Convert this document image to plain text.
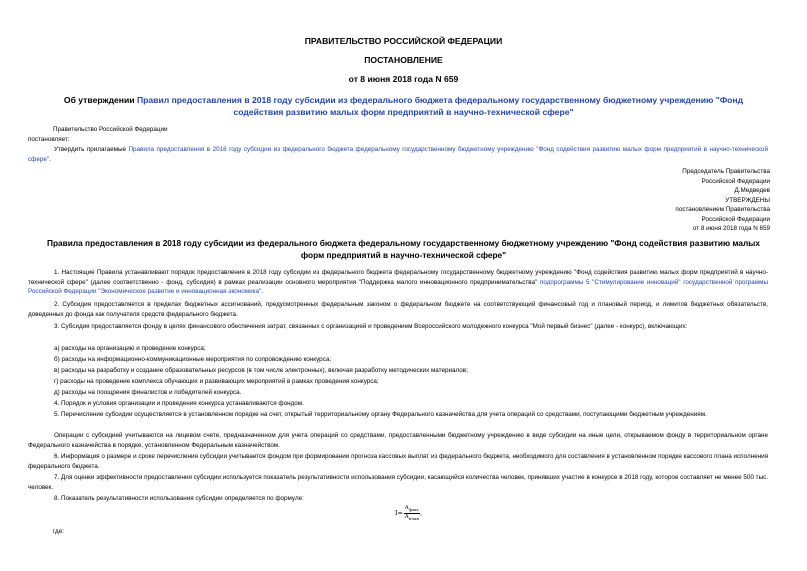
ПРАВИТЕЛЬСТВО РОССИЙСКОЙ ФЕДЕРАЦИИ
ПОСТАНОВЛЕНИЕ
от 8 июня 2018 года N 659
Об утверждении Правил предоставления в 2018 году субсидии из федерального бюджета федеральному государственному бюджетному учреждению "Фонд содействия развитию малых форм предприятий в научно-технической сфере"
Правительство Российской Федерации
постановляет:
Утвердить прилагаемые Правила предоставления в 2018 году субсидии из федерального бюджета федеральному государственному бюджетному учреждению "Фонд содействия развитию малых форм предприятий в научно-технической сфере".
Председатель Правительства
Российской Федерации
Д.Медведев
УТВЕРЖДЕНЫ
постановлением Правительства
Российской Федерации
от 8 июня 2018 года N 659
Правила предоставления в 2018 году субсидии из федерального бюджета федеральному государственному бюджетному учреждению "Фонд содействия развитию малых форм предприятий в научно-технической сфере"
1. Настоящие Правила устанавливают порядок предоставления в 2018 году субсидии из федерального бюджета федеральному государственному бюджетному учреждению "Фонд содействия развитию малых форм предприятий в научно-технической сфере" (далее соответственно - фонд, субсидия) в рамках реализации основного мероприятия "Поддержка малого инновационного предпринимательства" подпрограммы 5 "Стимулирование инноваций" государственной программы Российской Федерации "Экономическое развитие и инновационная экономика".
2. Субсидия предоставляется в пределах бюджетных ассигнований, предусмотренных федеральным законом о федеральном бюджете на соответствующий финансовый год и плановый период, и лимитов бюджетных обязательств, доведенных до фонда как получателя средств федерального бюджета.
3. Субсидия предоставляется фонду в целях финансового обеспечения затрат, связанных с организацией и проведением Всероссийского молодежного конкурса "Мой первый бизнес" (далее - конкурс), включающих:
а) расходы на организацию и проведение конкурса;
б) расходы на информационно-коммуникационные мероприятия по сопровождению конкурса;
в) расходы на разработку и создание образовательных ресурсов (в том числе электронных), включая разработку методических материалов;
г) расходы на проведение комплекса обучающих и развивающих мероприятий в рамках проведения конкурса;
д) расходы на поощрения финалистов и победителей конкурса.
4. Порядок и условия организации и проведения конкурса устанавливаются фондом.
5. Перечисление субсидии осуществляется в установленном порядке на счет, открытый территориальному органу Федерального казначейства для учета операций со средствами, поступающими бюджетным учреждениям.
Операции с субсидией учитываются на лицевом счете, предназначенном для учета операций со средствами, предоставленными бюджетному учреждению в виде субсидии на иные цели, открываемом фонду в территориальном органе Федерального казначейства в порядке, установленном Федеральным казначейством.
6. Информация о размере и сроке перечисления субсидии учитывается фондом при формировании прогноза кассовых выплат из федерального бюджета, необходимого для составления в установленном порядке кассового плана исполнения федерального бюджета.
7. Для оценки эффективности предоставления субсидии используется показатель результативности использования субсидии, касающийся количества человек, принявших участие в конкурсе в 2018 году, которое составляет не менее 500 тыс. человек.
8. Показатель результативности использования субсидии определяется по формуле:
$I= \frac{A_{факт}}{A_{план}}$ ,
где:
